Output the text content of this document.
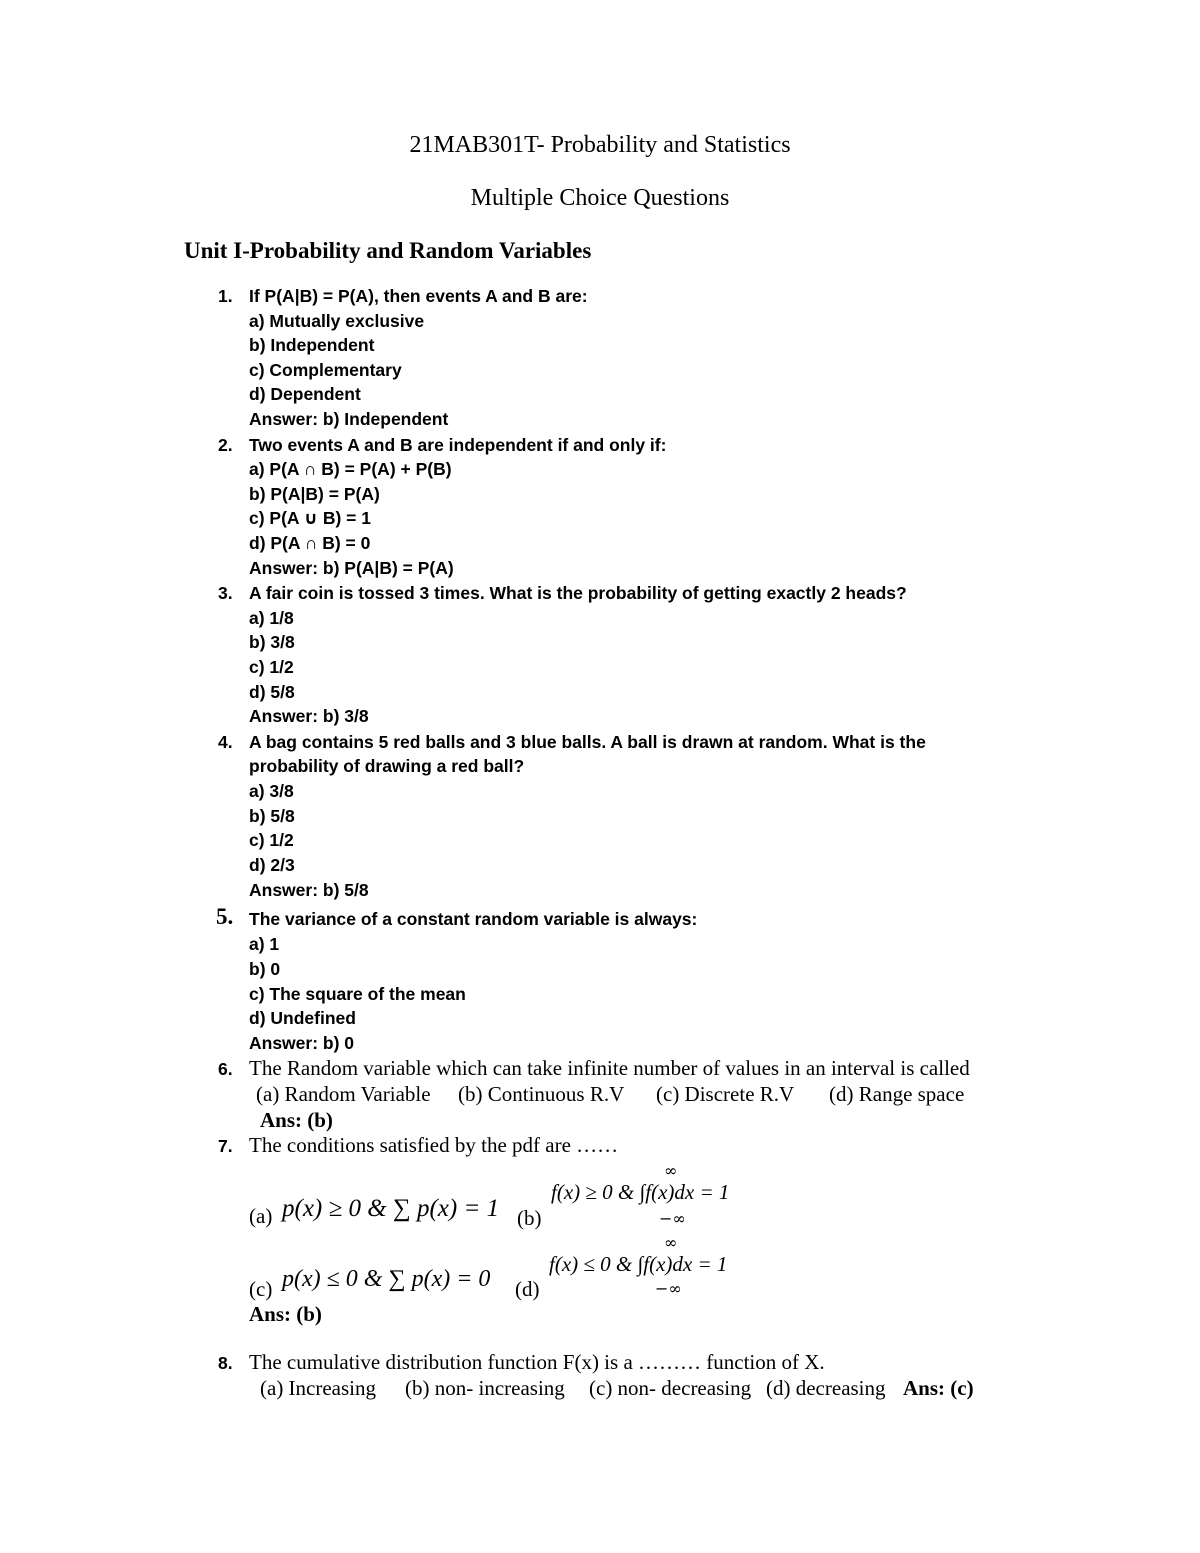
21MAB301T- Probability and Statistics
Multiple Choice Questions
Unit I-Probability and Random Variables
1. If P(A|B) = P(A), then events A and B are:
a) Mutually exclusive
b) Independent
c) Complementary
d) Dependent
Answer: b) Independent
2. Two events A and B are independent if and only if:
a) P(A ∩ B) = P(A) + P(B)
b) P(A|B) = P(A)
c) P(A ∪ B) = 1
d) P(A ∩ B) = 0
Answer: b) P(A|B) = P(A)
3. A fair coin is tossed 3 times. What is the probability of getting exactly 2 heads?
a) 1/8
b) 3/8
c) 1/2
d) 5/8
Answer: b) 3/8
4. A bag contains 5 red balls and 3 blue balls. A ball is drawn at random. What is the
probability of drawing a red ball?
a) 3/8
b) 5/8
c) 1/2
d) 2/3
Answer: b) 5/8
5. The variance of a constant random variable is always:
a) 1
b) 0
c) The square of the mean
d) Undefined
Answer: b) 0
6. The Random variable which can take infinite number of values in an interval is called
(a) Random Variable (b) Continuous R.V (c) Discrete R.V (d) Range space
Ans: (b)
7. The conditions satisfied by the pdf are ……
(a) p(x) ≥ 0 & ∑ p(x) = 1 (b)
f(x) ≥ 0 & ∫f(x)dx = 1
∞
−∞
(c) p(x) ≤ 0 & ∑ p(x) = 0 (d)
f(x) ≤ 0 & ∫f(x)dx = 1
∞
−∞
Ans: (b)
8. The cumulative distribution function F(x) is a ……… function of X.
(a) Increasing (b) non- increasing (c) non- decreasing (d) decreasing Ans: (c)
